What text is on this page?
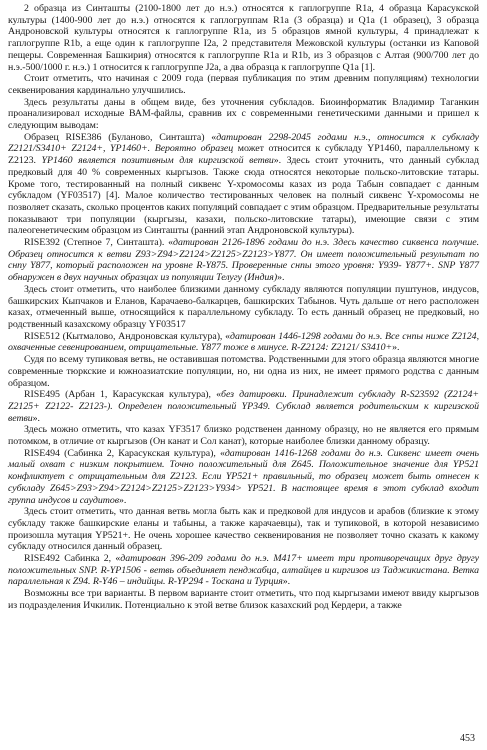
2 образца из Синташты (2100-1800 лет до н.э.) относятся к гаплогруппе R1a, 4 образца Карасукской культуры (1400-900 лет до н.э.) относятся к гаплогруппам R1a (3 образца) и Q1a (1 образец), 3 образца Андроновской культуры относятся к гаплогруппе R1a, из 5 образцов ямной культуры, 4 принадлежат к гаплогруппе R1b, а еще один к гаплогруппе I2a, 2 представителя Межовской культуры (останки из Каповой пещеры. Современная Башкирия) относятся к гаплогруппе R1a и R1b, из 3 образцов с Алтая (900/700 лет до н.э.-500/1000 г. н.э.) 1 относится к гаплогруппе J2a, а два образца к гаплогруппе Q1a [1].

Стоит отметить, что начиная с 2009 года (первая публикация по этим древним популяциям) технологии секвенирования кардинально улучшились.

Здесь результаты даны в общем виде, без уточнения субкладов. Биоинформатик Владимир Таганкин проанализировал исходные ВАМ-файлы, сравнив их с современными генетическими данными и пришел к следующим выводам:

Образец RISE386 (Буланово, Синташта) «датирован 2298-2045 годами н.э., относится к субкладу Z2121/S3410+ Z2124+, YP1460+. Вероятно образец может относится к субкладу YP1460, параллельному к Z2123. YP1460 является позитивным для киргизской ветви». Здесь стоит уточнить, что данный субклад предковый для 40 % современных кыргызов. Также сюда относятся некоторые польско-литовские татары. Кроме того, тестированный на полный сиквенс Y-хромосомы казах из рода Табын совпадает с данным субкладом (YF03517) [4]. Малое количество тестированных человек на полный сиквенс Y-хромосомы не позволяет сказать, сколько процентов каких популяций совпадает с этим образцом. Предварительные результаты показывают три популяции (кыргызы, казахи, польско-литовские татары), имеющие связи с этим палеогенетическим образцом из Синташты (ранний этап Андроновской культуры).

RISE392 (Степное 7, Синташта). «датирован 2126-1896 годами до н.э. Здесь качество сиквенса получше. Образец относится к ветви Z93>Z94>Z2124>Z2125>Z2123>Y877. Он имеет положительный результат по снпу Y877, который расположен на уровне R-Y875. Проверенные снпы этого уровня: Y939- Y877+. SNP Y877 обнаружен в двух научных образцах из популяции Телугу (Индия)».

Здесь стоит отметить, что наиболее близкими данному субкладу являются популяции пуштунов, индусов, башкирских Кыпчаков и Еланов, Карачаево-балкарцев, башкирских Табынов. Чуть дальше от него расположен казах, отмеченный выше, относящийся к параллельному субкладу. То есть данный образец не предковый, но родственный казахскому образцу YF03517

RISE512 (Кытмалово, Андроновская культура), «датирован 1446-1298 годами до н.э. Все снпы ниже Z2124, охваченные севенированием, отрицательные. Y877 тоже в минусе. R-Z2124: Z2121/ S3410+».

Судя по всему тупиковая ветвь, не оставившая потомства. Родственными для этого образца являются многие современные тюркские и южноазиатские популяции, но, ни одна из них, не имеет прямого родства с данным образцом.

RISE495 (Арбан 1, Карасукская культура), «без датировки. Принадлежит субкладу R-S23592 (Z2124+ Z2125+ Z2122- Z2123-). Определен положительный YP349. Субклад является родительским к киргизской ветви».

Здесь можно отметить, что казах YF3517 близко родственен данному образцу, но не является его прямым потомком, в отличие от кыргызов (Он канат и Сол канат), которые наиболее близки данному образцу.

RISE494 (Сабинка 2, Карасукская культура), «датирован 1416-1268 годами до н.э. Сиквенс имеет очень малый охват с низким покрытием. Точно положительный для Z645. Положительное значение для YP521 конфликтует с отрицательным для Z2123. Если YP521+ правильный, то образец может быть отнесен к субкладу Z645>Z93>Z94>Z2124>Z2125>Z2123>Y934> YP521. В настоящее время в этот субклад входит группа индусов и саудитов».

Здесь стоит отметить, что данная ветвь могла быть как и предковой для индусов и арабов (близкие к этому субкладу также башкирские еланы и табыны, а также карачаевцы), так и тупиковой, в которой независимо произошла мутация YP521+. Не очень хорошее качество секвенирования не позволяет точно сказать к какому субкладу относился данный образец.

RISE492 Сабинка 2, «датирован 396-209 годами до н.э. M417+ имеет три противоречащих друг другу положительных SNP. R-YP1506 - ветвь объединяет пенджабца, алтайцев и киргизов из Таджикистана. Ветка параллельная к Z94. R-Y46 – индийцы. R-YP294 - Тоскана и Турция».

Возможны все три варианты. В первом варианте стоит отметить, что под кыргызами имеют ввиду кыргызов из подразделения Ичкилик. Потенциально к этой ветве близок казахский род Кердери, а также

453
